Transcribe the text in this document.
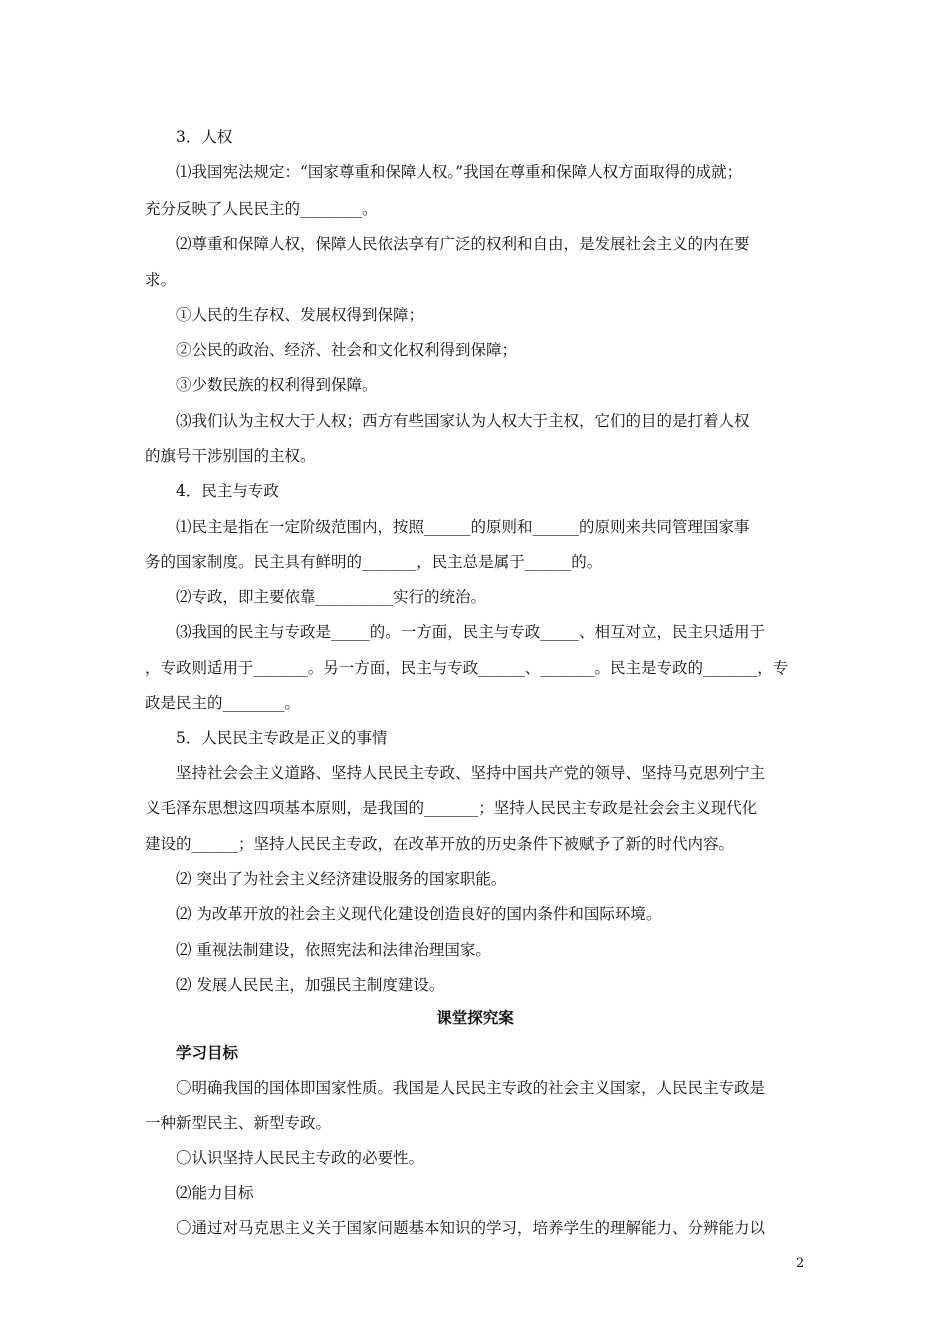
3．人权
⑴我国宪法规定：“国家尊重和保障人权。”我国在尊重和保障人权方面取得的成就；
充分反映了人民民主的________。
⑵尊重和保障人权，保障人民依法享有广泛的权利和自由，是发展社会主义的内在要
求。
①人民的生存权、发展权得到保障；
②公民的政治、经济、社会和文化权利得到保障；
③少数民族的权利得到保障。
⑶我们认为主权大于人权；西方有些国家认为人权大于主权，它们的目的是打着人权
的旗号干涉别国的主权。
4．民主与专政
⑴民主是指在一定阶级范围内，按照______的原则和______的原则来共同管理国家事
务的国家制度。民主具有鲜明的_______，民主总是属于______的。
⑵专政，即主要依靠__________实行的统治。
⑶我国的民主与专政是_____的。一方面，民主与专政_____、相互对立，民主只适用于
，专政则适用于_______。另一方面，民主与专政______、_______。民主是专政的_______，专
政是民主的________。
5．人民民主专政是正义的事情
坚持社会会主义道路、坚持人民民主专政、坚持中国共产党的领导、坚持马克思列宁主
义毛泽东思想这四项基本原则，是我国的_______；坚持人民民主专政是社会会主义现代化
建设的______；坚持人民民主专政，在改革开放的历史条件下被赋予了新的时代内容。
⑵ 突出了为社会主义经济建设服务的国家职能。
⑵ 为改革开放的社会主义现代化建设创造良好的国内条件和国际环境。
⑵ 重视法制建设，依照宪法和法律治理国家。
⑵ 发展人民民主，加强民主制度建设。
课堂探究案
学习目标
〇明确我国的国体即国家性质。我国是人民民主专政的社会主义国家，人民民主专政是
一种新型民主、新型专政。
〇认识坚持人民民主专政的必要性。
⑵能力目标
〇通过对马克思主义关于国家问题基本知识的学习，培养学生的理解能力、分辨能力以
2
